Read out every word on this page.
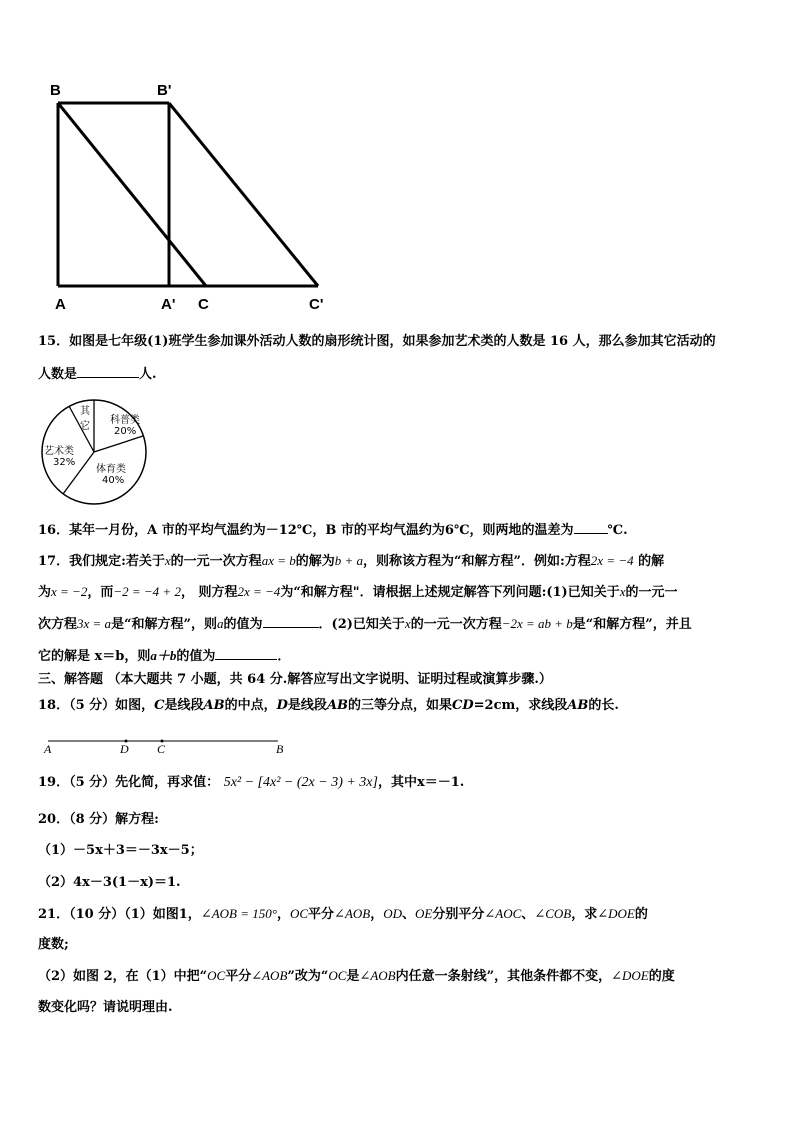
B	B'
A	A' C	C'
15．如图是七年级(1)班学生参加课外活动人数的扇形统计图，如果参加艺术类的人数是 16 人，那么参加其它活动的
人数是	人.
科普类
20%
体育类
40%
艺术类
32%
其
它
16．某年一月份，A 市的平均气温约为－12℃，B 市的平均气温约为6℃，则两地的温差为	℃.
17．我们规定:若关于x的一元一次方程ax = b的解为b + a，则称该方程为“和解方程”．例如:方程2x = −4 的解
为x = −2，而−2 = −4 + 2， 则方程2x = −4为“和解方程"．请根据上述规定解答下列问题:(1)已知关于x的一元一
次方程3x = a是“和解方程”，则a的值为	．(2)已知关于x的一元一次方程−2x = ab + b是“和解方程”，并且
它的解是 x＝b，则a＋b的值为	．
三、解答题 （本大题共 7 小题，共 64 分.解答应写出文字说明、证明过程或演算步骤.）
18．（5 分）如图，C是线段AB的中点，D是线段AB的三等分点，如果CD=2cm，求线段AB的长.
A	D C	B
19．（5 分）先化简，再求值： 5x² − [4x² − (2x − 3) + 3x]，其中x＝－1.
20．（8 分）解方程:
（1）－5x＋3＝－3x－5；
（2）4x－3(1－x)＝1.
21．（10 分）（1）如图1，∠AOB = 150°，OC平分∠AOB，OD、OE分别平分∠AOC、∠COB，求∠DOE的
度数;
（2）如图 2，在（1）中把“OC平分∠AOB”改为“OC是∠AOB内任意一条射线”，其他条件都不变，∠DOE的度
数变化吗？请说明理由.
